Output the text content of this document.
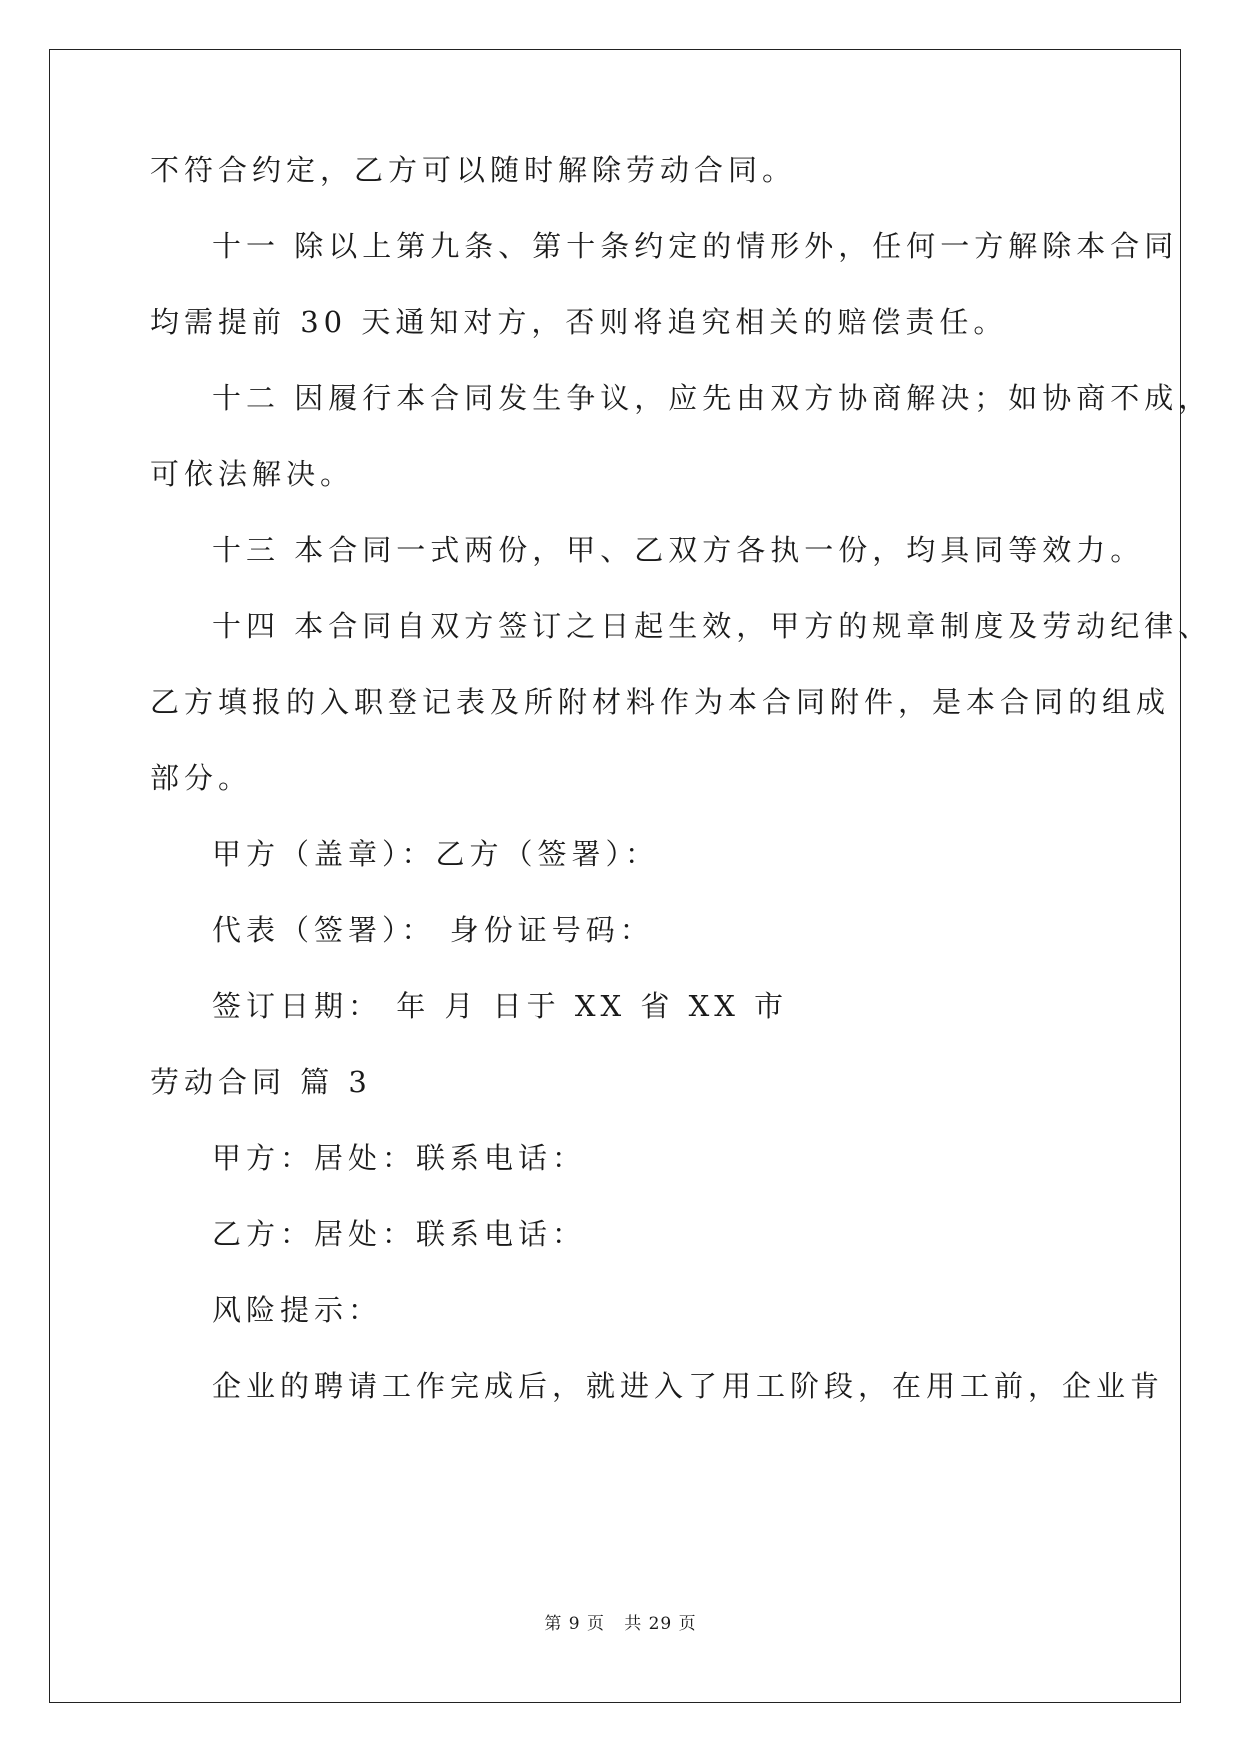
不符合约定，乙方可以随时解除劳动合同。
十一 除以上第九条、第十条约定的情形外，任何一方解除本合同
均需提前 30 天通知对方，否则将追究相关的赔偿责任。
十二 因履行本合同发生争议，应先由双方协商解决；如协商不成，
可依法解决。
十三 本合同一式两份，甲、乙双方各执一份，均具同等效力。
十四 本合同自双方签订之日起生效，甲方的规章制度及劳动纪律、
乙方填报的入职登记表及所附材料作为本合同附件，是本合同的组成
部分。
甲方（盖章）：乙方（签署）：
代表（签署）： 身份证号码：
签订日期： 年 月 日于 XX 省 XX 市
劳动合同 篇 3
甲方：居处：联系电话：
乙方：居处：联系电话：
风险提示：
企业的聘请工作完成后，就进入了用工阶段，在用工前，企业肯
第 9 页 共 29 页
